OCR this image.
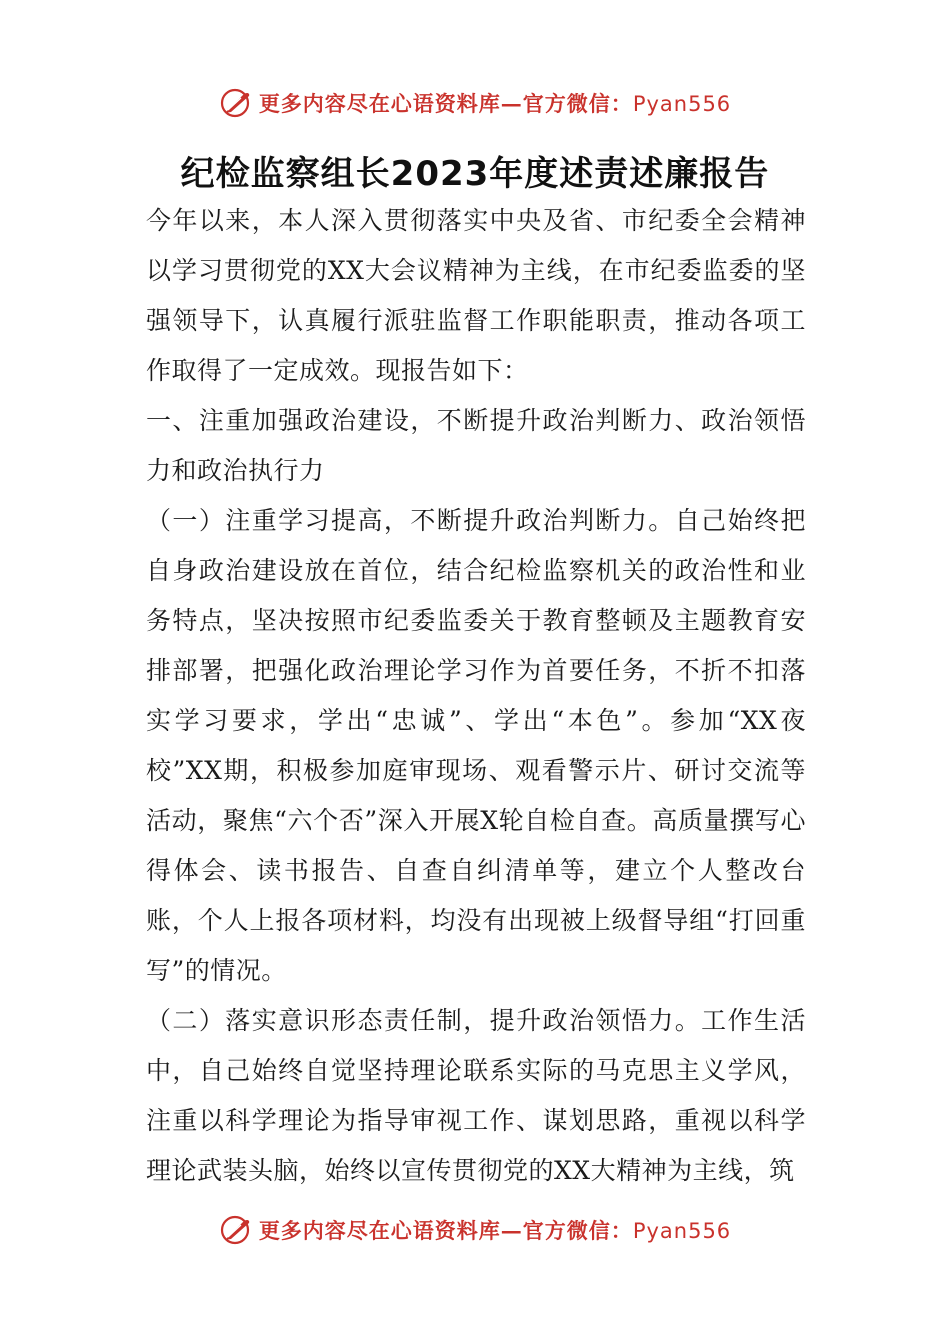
更多内容尽在心语资料库—官方微信：Pyan556
纪检监察组长2023年度述责述廉报告

今年以来，本人深入贯彻落实中央及省、市纪委全会精神以学习贯彻党的XX大会议精神为主线，在市纪委监委的坚强领导下，认真履行派驻监督工作职能职责，推动各项工作取得了一定成效。现报告如下：

一、注重加强政治建设，不断提升政治判断力、政治领悟力和政治执行力

（一）注重学习提高，不断提升政治判断力。自己始终把自身政治建设放在首位，结合纪检监察机关的政治性和业务特点，坚决按照市纪委监委关于教育整顿及主题教育安排部署，把强化政治理论学习作为首要任务，不折不扣落实学习要求，学出“忠诚”、学出“本色”。参加“XX夜校”XX期，积极参加庭审现场、观看警示片、研讨交流等活动，聚焦“六个否”深入开展X轮自检自查。高质量撰写心得体会、读书报告、自查自纠清单等，建立个人整改台账，个人上报各项材料，均没有出现被上级督导组“打回重写”的情况。

（二）落实意识形态责任制，提升政治领悟力。工作生活中，自己始终自觉坚持理论联系实际的马克思主义学风，注重以科学理论为指导审视工作、谋划思路，重视以科学理论武装头脑，始终以宣传贯彻党的XX大精神为主线，筑

更多内容尽在心语资料库—官方微信：Pyan556
